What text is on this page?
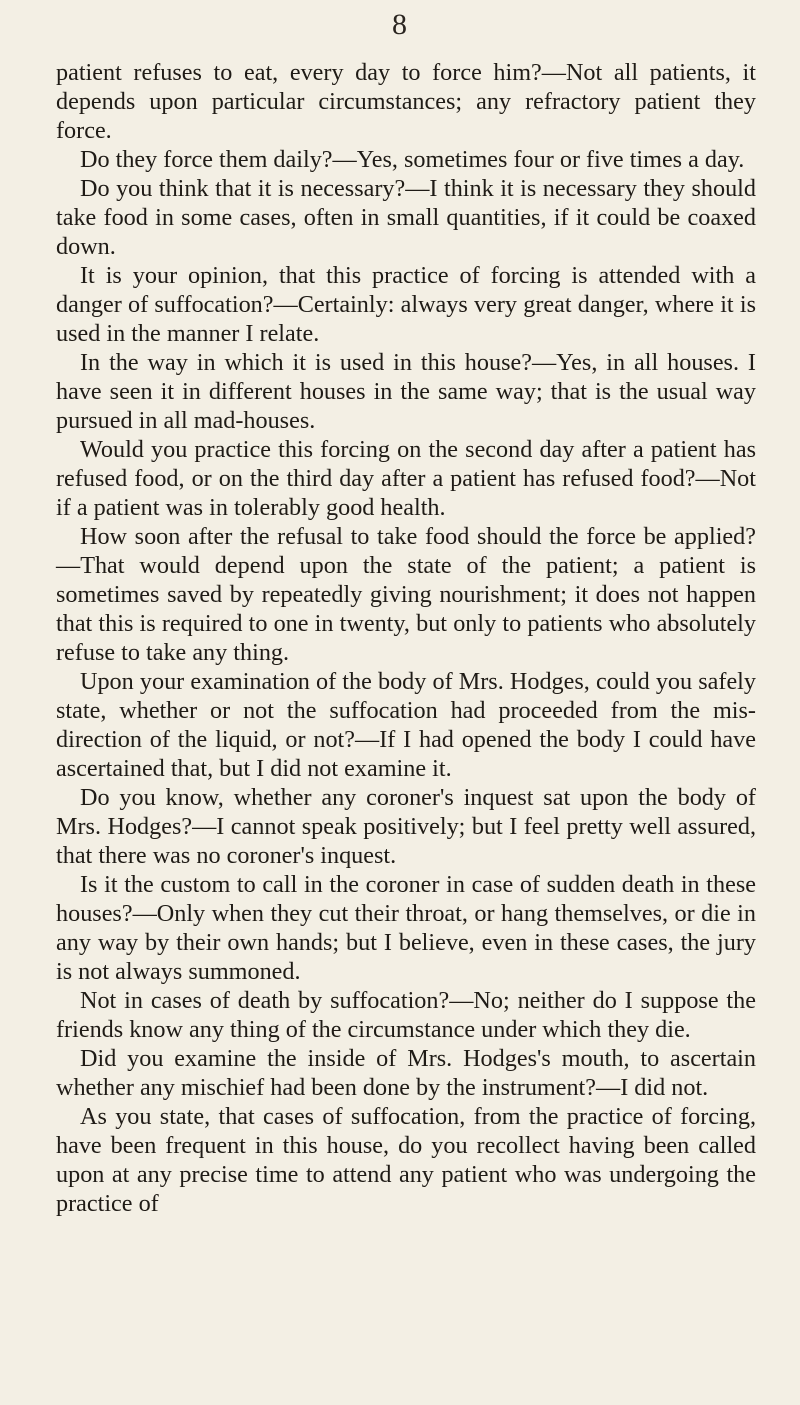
8

patient refuses to eat, every day to force him?—Not all patients, it depends upon particular circumstances; any refractory patient they force.

Do they force them daily?—Yes, sometimes four or five times a day.

Do you think that it is necessary?—I think it is necessary they should take food in some cases, often in small quantities, if it could be coaxed down.

It is your opinion, that this practice of forcing is attended with a danger of suffocation?—Certainly: always very great danger, where it is used in the manner I relate.

In the way in which it is used in this house?—Yes, in all houses. I have seen it in different houses in the same way; that is the usual way pursued in all mad-houses.

Would you practice this forcing on the second day after a patient has refused food, or on the third day after a patient has refused food?—Not if a patient was in tolerably good health.

How soon after the refusal to take food should the force be applied?—That would depend upon the state of the patient; a patient is sometimes saved by repeatedly giving nourishment; it does not happen that this is required to one in twenty, but only to patients who absolutely refuse to take any thing.

Upon your examination of the body of Mrs. Hodges, could you safely state, whether or not the suffocation had proceeded from the mis-direction of the liquid, or not?—If I had opened the body I could have ascertained that, but I did not examine it.

Do you know, whether any coroner's inquest sat upon the body of Mrs. Hodges?—I cannot speak positively; but I feel pretty well assured, that there was no coroner's inquest.

Is it the custom to call in the coroner in case of sudden death in these houses?—Only when they cut their throat, or hang themselves, or die in any way by their own hands; but I believe, even in these cases, the jury is not always summoned.

Not in cases of death by suffocation?—No; neither do I suppose the friends know any thing of the circumstance under which they die.

Did you examine the inside of Mrs. Hodges's mouth, to ascertain whether any mischief had been done by the instrument?—I did not.

As you state, that cases of suffocation, from the practice of forcing, have been frequent in this house, do you recollect having been called upon at any precise time to attend any patient who was undergoing the practice of
